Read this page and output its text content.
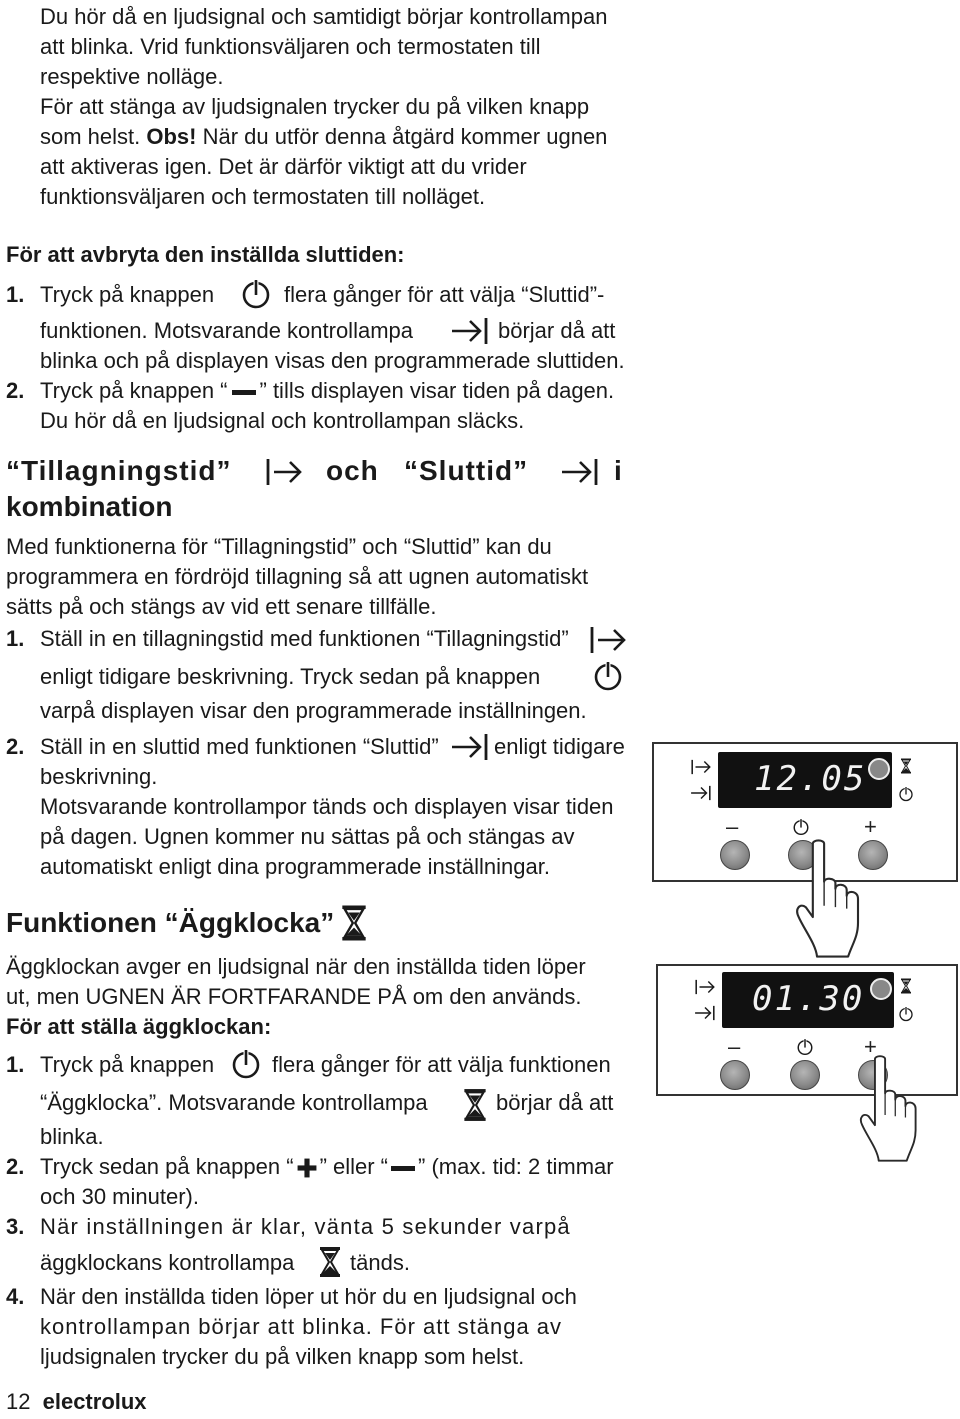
Du hör då en ljudsignal och samtidigt börjar kontrollampan
att blinka. Vrid funktionsväljaren och termostaten till
respektive nolläge.
För att stänga av ljudsignalen trycker du på vilken knapp
som helst. Obs! När du utför denna åtgärd kommer ugnen
att aktiveras igen. Det är därför viktigt att du vrider
funktionsväljaren och termostaten till nolläget.
För att avbryta den inställda sluttiden:
1. Tryck på knappen	flera gånger för att välja “Sluttid”-
funktionen. Motsvarande kontrollampa	börjar då att
blinka och på displayen visas den programmerade sluttiden.
2. Tryck på knappen “ ” tills displayen visar tiden på dagen.
Du hör då en ljudsignal och kontrollampan släcks.
“Tillagningstid”	och “Sluttid”	i
kombination
Med funktionerna för “Tillagningstid” och “Sluttid” kan du
programmera en fördröjd tillagning så att ugnen automatiskt
sätts på och stängs av vid ett senare tillfälle.
1. Ställ in en tillagningstid med funktionen “Tillagningstid”
enligt tidigare beskrivning. Tryck sedan på knappen
varpå displayen visar den programmerade inställningen.
2. Ställ in en sluttid med funktionen “Sluttid”	enligt tidigare
beskrivning.
Motsvarande kontrollampor tänds och displayen visar tiden
på dagen. Ugnen kommer nu sättas på och stängas av
automatiskt enligt dina programmerade inställningar.
Funktionen “Äggklocka”
Äggklockan avger en ljudsignal när den inställda tiden löper
ut, men UGNEN ÄR FORTFARANDE PÅ om den används.
För att ställa äggklockan:
1. Tryck på knappen	flera gånger för att välja funktionen
“Äggklocka”. Motsvarande kontrollampa	börjar då att
blinka.
2. Tryck sedan på knappen “ ” eller “ ” (max. tid: 2 timmar
och 30 minuter).
3. När inställningen är klar, vänta 5 sekunder varpå
äggklockans kontrollampa	tänds.
4. När den inställda tiden löper ut hör du en ljudsignal och
kontrollampan börjar att blinka. För att stänga av
ljudsignalen trycker du på vilken knapp som helst.
12.05
–	+
01.30
–	+
12 electrolux
